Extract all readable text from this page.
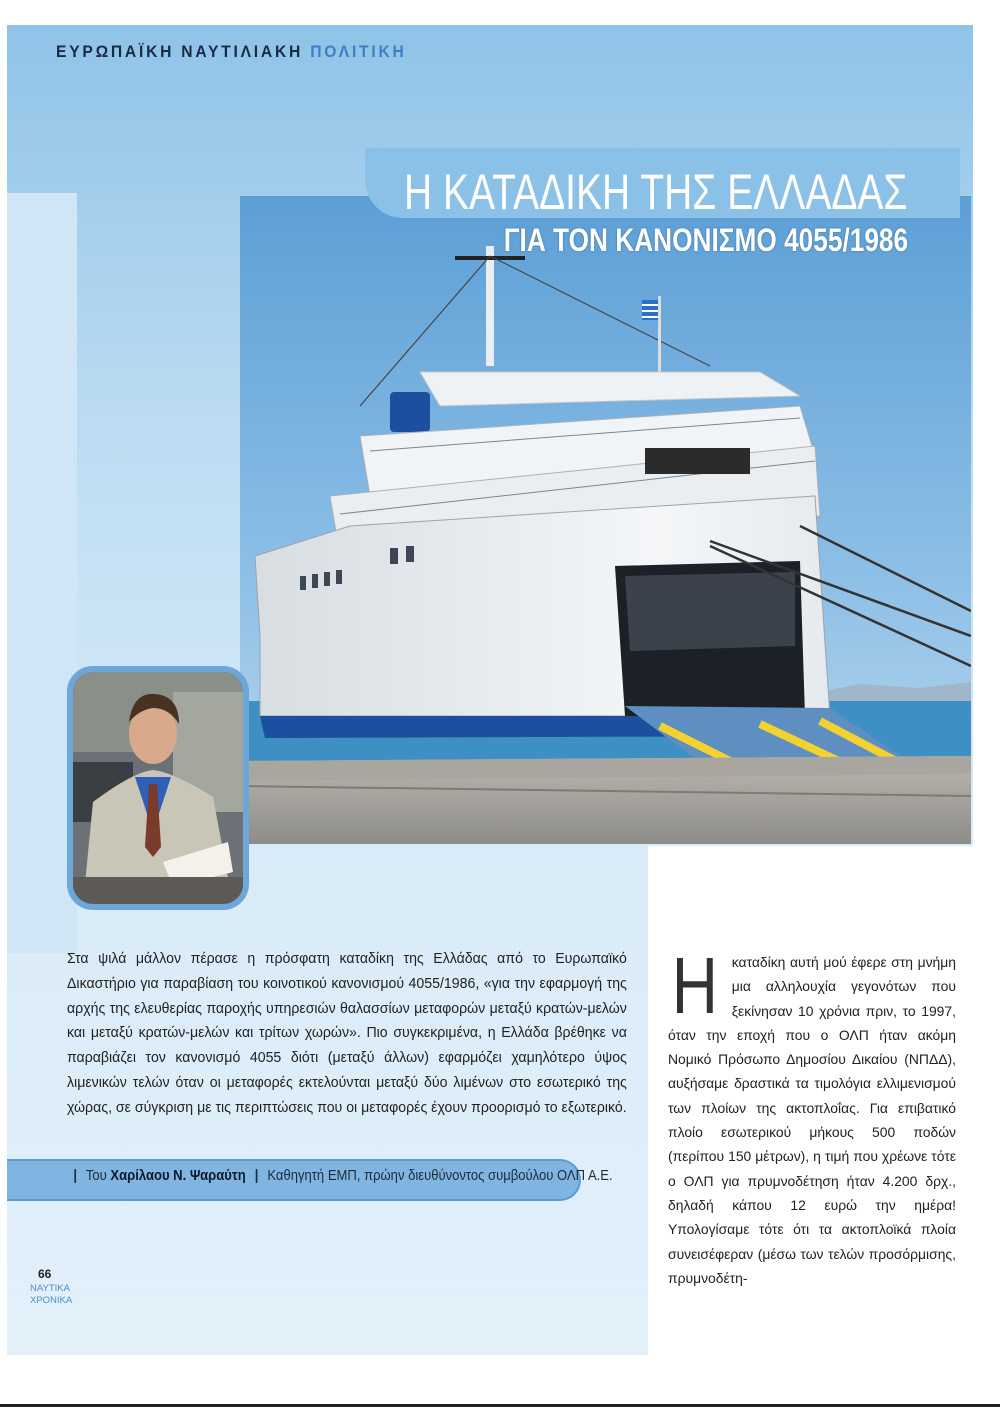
ΕΥΡΩΠΑΪΚΗ ΝΑΥΤΙΛΙΑΚΗ ΠΟΛΙΤΙΚΗ
Η ΚΑΤΑΔΙΚΗ ΤΗΣ ΕΛΛΑΔΑΣ
ΓΙΑ ΤΟΝ ΚΑΝΟΝΙΣΜΟ 4055/1986
Στα ψιλά μάλλον πέρασε η πρόσφατη καταδίκη της Ελλάδας από το Ευρωπαϊκό Δικαστήριο για παραβίαση του κοινοτικού κανονισμού 4055/1986, «για την εφαρμογή της αρχής της ελευθερίας παροχής υπηρεσιών θαλασσίων μεταφορών μεταξύ κρατών-μελών και μεταξύ κρατών-μελών και τρίτων χωρών». Πιο συγκεκριμένα, η Ελλάδα βρέθηκε να παραβιάζει τον κανονισμό 4055 διότι (μεταξύ άλλων) εφαρμόζει χαμηλότερο ύψος λιμενικών τελών όταν οι μεταφορές εκτελούνται μεταξύ δύο λιμένων στο εσωτερικό της χώρας, σε σύγκριση με τις περιπτώσεις που οι μεταφορές έχουν προορισμό το εξωτερικό.
| Του Χαρίλαου Ν. Ψαραύτη | Καθηγητή ΕΜΠ, πρώην διευθύνοντος συμβούλου ΟΛΠ Α.Ε.
Η καταδίκη αυτή μού έφερε στη μνήμη μια αλληλουχία γεγονότων που ξεκίνησαν 10 χρόνια πριν, το 1997, όταν την εποχή που ο ΟΛΠ ήταν ακόμη Νομικό Πρόσωπο Δημοσίου Δικαίου (ΝΠΔΔ), αυξήσαμε δραστικά τα τιμολόγια ελλιμενισμού των πλοίων της ακτοπλοΐας. Για επιβατικό πλοίο εσωτερικού μήκους 500 ποδών (περίπου 150 μέτρων), η τιμή που χρέωνε τότε ο ΟΛΠ για πρυμνοδέτηση ήταν 4.200 δρχ., δηλαδή κάπου 12 ευρώ την ημέρα! Υπολογίσαμε τότε ότι τα ακτοπλοϊκά πλοία συνεισέφεραν (μέσω των τελών προσόρμισης, πρυμνοδέτη-
66
ΝΑΥΤΙΚΑ
ΧΡΟΝΙΚΑ
